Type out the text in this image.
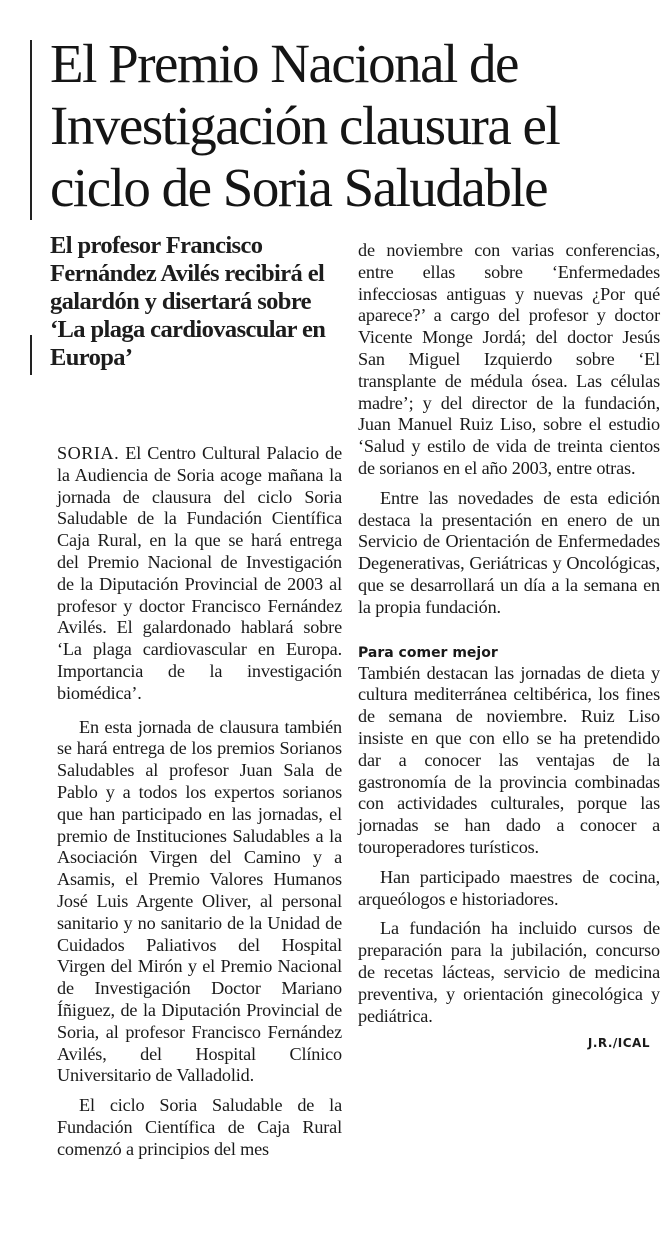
El Premio Nacional de Investigación clausura el ciclo de Soria Saludable
El profesor Francisco Fernández Avilés recibirá el galardón y disertará sobre ‘La plaga cardiovascular en Europa’

SORIA. El Centro Cultural Palacio de la Audiencia de Soria acoge mañana la jornada de clausura del ciclo Soria Saludable de la Fundación Científica Caja Rural, en la que se hará entrega del Premio Nacional de Investigación de la Diputación Provincial de 2003 al profesor y doctor Francisco Fernández Avilés. El galardonado hablará sobre ‘La plaga cardiovascular en Europa. Importancia de la investigación biomédica’.

En esta jornada de clausura también se hará entrega de los premios Sorianos Saludables al profesor Juan Sala de Pablo y a todos los expertos sorianos que han participado en las jornadas, el premio de Instituciones Saludables a la Asociación Virgen del Camino y a Asamis, el Premio Valores Humanos José Luis Argente Oliver, al personal sanitario y no sanitario de la Unidad de Cuidados Paliativos del Hospital Virgen del Mirón y el Premio Nacional de Investigación Doctor Mariano Íñiguez, de la Diputación Provincial de Soria, al profesor Francisco Fernández Avilés, del Hospital Clínico Universitario de Valladolid.

El ciclo Soria Saludable de la Fundación Científica de Caja Rural comenzó a principios del mes

de noviembre con varias conferencias, entre ellas sobre ‘Enfermedades infecciosas antiguas y nuevas ¿Por qué aparece?’ a cargo del profesor y doctor Vicente Monge Jordá; del doctor Jesús San Miguel Izquierdo sobre ‘El transplante de médula ósea. Las células madre’; y del director de la fundación, Juan Manuel Ruiz Liso, sobre el estudio ‘Salud y estilo de vida de treinta cientos de sorianos en el año 2003, entre otras.

Entre las novedades de esta edición destaca la presentación en enero de un Servicio de Orientación de Enfermedades Degenerativas, Geriátricas y Oncológicas, que se desarrollará un día a la semana en la propia fundación.

Para comer mejor

También destacan las jornadas de dieta y cultura mediterránea celtibérica, los fines de semana de noviembre. Ruiz Liso insiste en que con ello se ha pretendido dar a conocer las ventajas de la gastronomía de la provincia combinadas con actividades culturales, porque las jornadas se han dado a conocer a touroperadores turísticos.

Han participado maestres de cocina, arqueólogos e historiadores.

La fundación ha incluido cursos de preparación para la jubilación, concurso de recetas lácteas, servicio de medicina preventiva, y orientación ginecológica y pediátrica.

J.R./ICAL
